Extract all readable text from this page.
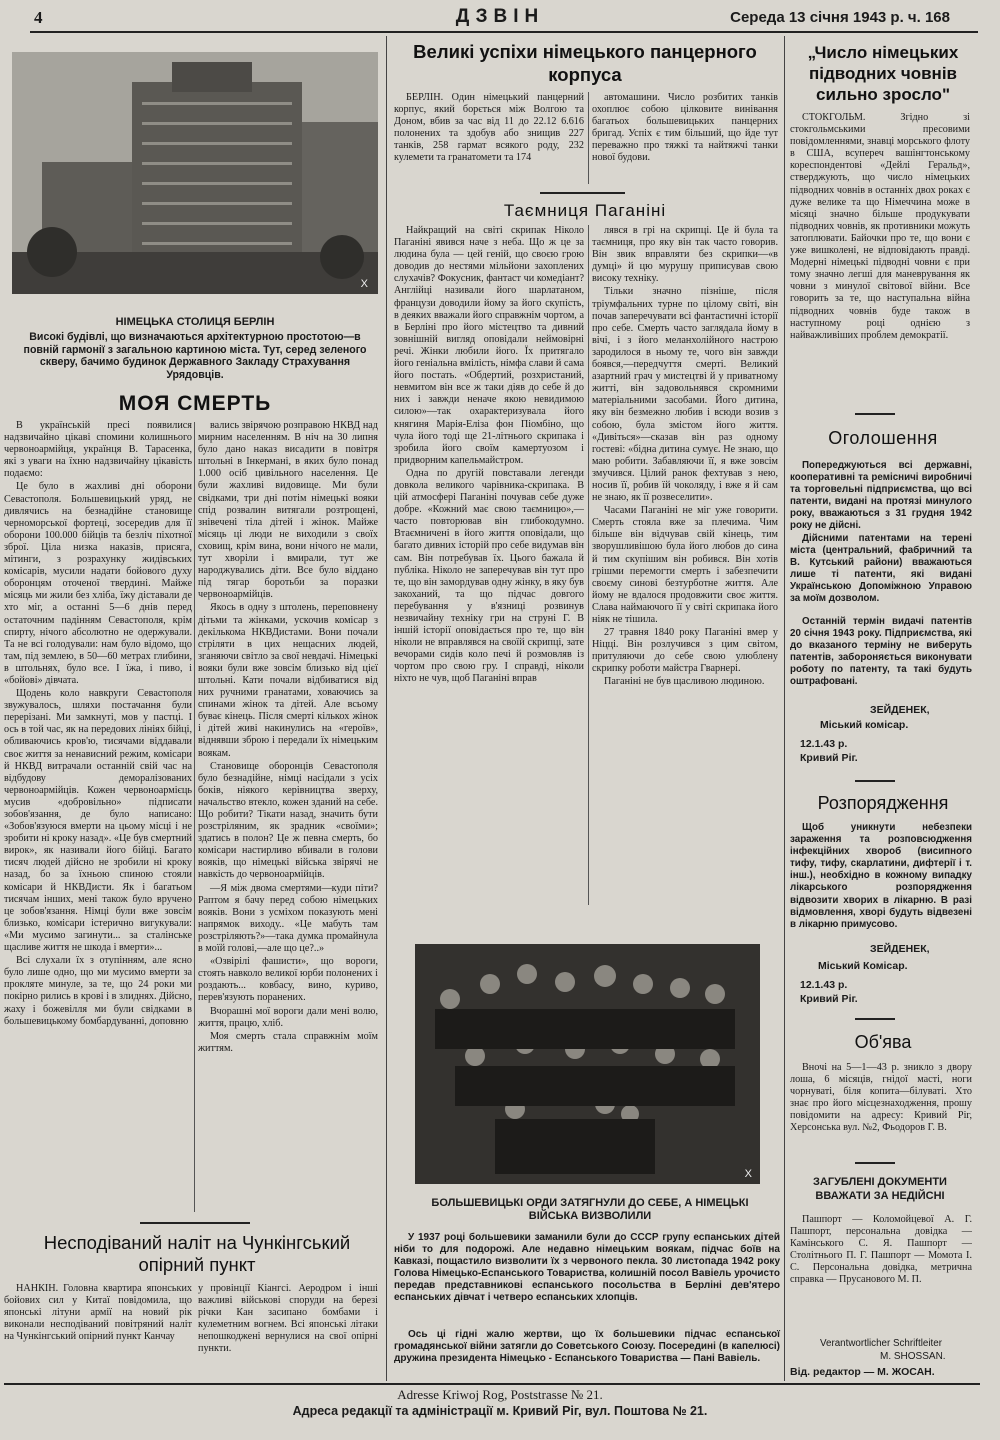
4	ДЗВІН	Середа 13 січня 1943 р. ч. 168
X
НІМЕЦЬКА СТОЛИЦЯ БЕРЛІН
Високі будівлі, що визначаються архітектурною простотою—в повній гармонії з загальною картиною міста. Тут, серед зеленого скверу, бачимо будинок Державного Закладу Страхування Урядовців.
МОЯ СМЕРТЬ

В українській пресі появилися надзвичайно цікаві спомини колишнього червоноармійця, українця В. Тарасенка, які з уваги на їхню надзвичайну цікавість подаємо:

Це було в жахливі дні оборони Севастополя. Большевицький уряд, не дивлячись на безнадійне становище черноморської фортеці, зосередив для її оборони 100.000 бійців та безліч піхотної зброї. Ціла низка наказів, присяга, мітинги, з розрахунку жидівських комісарів, мусили надати бойового духу оборонцям оточеної твердині. Майже місяць ми жили без хліба, їжу діставали де хто міг, а останні 5—6 днів перед остаточним падінням Севастополя, крім спирту, нічого абсолютно не одержували. Та не всі голодували: нам було відомо, що там, під землею, в 50—60 метрах глибини, в штольнях, було все. І їжа, і пиво, і «бойові» дівчата.

Щодень коло навкруги Севастополя звужувалось, шляхи постачання були перерізані. Ми замкнуті, мов у пастці. І ось в той час, як на передових лініях бійці, обливаючись кров'ю, тисячами віддавали своє життя за ненависний режим, комісари й НКВД витрачали останній свій час на відбудову деморалізованих червоноармійців. Кожен червоноармієць мусив «добровільно» підписати зобов'язання, де було написано: «Зобов'язуюся вмерти на цьому місці і не зробити ні кроку назад». «Це був смертний вирок», як називали його бійці. Багато тисяч людей дійсно не зробили ні кроку назад, бо за їхньою спиною стояли комісари й НКВДисти. Як і багатьом тисячам інших, мені також було вручено це зобов'язання. Німці були вже зовсім близько, комісари істерично вигукували: «Ми мусимо загинути... за сталінське щасливе життя не шкода і вмерти»...

Всі слухали їх з отупінням, але ясно було лише одно, що ми мусимо вмерти за прокляте минуле, за те, що 24 роки ми покірно рились в крові і в злиднях. Дійсно, жаху і божевілля ми були свідками в большевицькому бомбардуванні, доповню

вались звірячою розправою НКВД над мирним населенням. В ніч на 30 липня було дано наказ висадити в повітря штольні в Інкермані, в яких було понад 1.000 осіб цивільного населення. Це були жахливі видовище. Ми були свідками, три дні потім німецькі вояки спід розвалин витягали розтрощені, знівечені тіла дітей і жінок. Майже місяць ці люди не виходили з своїх сховищ, крім вина, вони нічого не мали, тут хворіли і вмирали, тут же народжувались діти. Все було віддано під тягар боротьби за поразки червоноармійців.

Якось в одну з штолень, переповнену дітьми та жінками, ускочив комісар з декількома НКВДистами. Вони почали стріляти в цих нещасних людей, зганяючи світло за свої невдачі. Німецькі вояки були вже зовсім близько від цієї штольні. Кати почали відбиватися від них ручними гранатами, ховаючись за спинами жінок та дітей. Але всьому буває кінець. Після смерті кількох жінок і дітей живі накинулись на «героїв», віднявши зброю і передали їх німецьким воякам.

Становище оборонців Севастополя було безнадійне, німці насідали з усіх боків, ніякого керівництва зверху, начальство втекло, кожен зданий на себе. Що робити? Тікати назад, значить бути розстріляним, як зрадник «своїми»; здатись в полон? Це ж певна смерть, бо комісари настирливо вбивали в голови вояків, що німецькі війська звірячі не навкість до червоноармійців.

—Я між двома смертями—куди піти? Раптом я бачу перед собою німецьких вояків. Вони з усміхом показують мені напрямок виходу.. «Це мабуть там розстріляють?»—така думка промайнула в моїй голові,—але що це?..»

«Озвірілі фашисти», що вороги, стоять навколо великої юрби полонених і роздають... ковбасу, вино, куриво, перев'язують поранених.

Вчорашні мої вороги дали мені волю, життя, працю, хліб.

Моя смерть стала справжнім моїм життям.

Несподіваний наліт на Чункінгський опірний пункт
НАНКІН. Головна квартира японських бойових сил у Китаї повідомила, що японські літуни армії на новий рік виконали несподіваний повітряний наліт на Чункінгський опірний пункт Канчау
у провінції Кіангсі. Аеродром і інші важливі військові споруди на березі річки Кан засипано бомбами і кулеметним вогнем. Всі японські літаки непошкоджені вернулися на свої опірні пункти.
Великі успіхи німецького панцерного корпуса
БЕРЛІН. Один німецький панцерний корпус, який борється між Волгою та Доном, вбив за час від 11 до 22.12 6.616 полонених та здобув або знищив 227 танків, 258 гармат всякого роду, 232 кулемети та гранатомети та 174
автомашини. Число розбитих танків охоплює собою цілковите винівання багатьох большевицьких панцерних бригад. Успіх є тим більший, що йде тут переважно про тяжкі та найтяжчі танки нової будови.
Таємниця Паганіні

Найкращий на світі скрипак Ніколо Паганіні явився наче з неба. Що ж це за людина була — цей геній, що своєю грою доводив до нестями мільйони захоплених слухачів? Фокусник, фантаст чи комедіант? Англійці називали його шарлатаном, французи доводили йому за його скупість, в деяких вважали його справжнім чортом, а в Берліні про його містецтво та дивний зовнішній вигляд оповідали неймовірні речі. Жінки любили його. Їх притягало його геніальна вмілість, німфа слави й сама його постать. «Обдертий, розхристаний, невмитом він все ж таки діяв до себе й до них і завжди неначе якою невидимою силою»—так охарактеризувала його княгиня Марія-Еліза фон Піомбіно, що чула його тоді ще 21-літнього скрипака і зробила його своїм камертуозом і придворним капельмайстром.

Одна по другій повставали легенди довкола великого чарівника-скрипака. В цій атмосфері Паганіні почував себе дуже добре. «Кожний має свою таємницю»,—часто повторював він глибокодумно. Втаємничені в його життя оповідали, що багато дивних історій про себе видумав він сам. Він потребував їх. Цього бажала й публіка. Ніколо не заперечував він тут про те, що він замордував одну жінку, в яку був закоханий, та що підчас довгого перебування у в'язниці розвинув незвичайну техніку гри на струні Г. В іншій історії оповідається про те, що він ніколи не вправлявся на своїй скрипці, зате вечорами сидів коло печі й розмовляв із чортом про свою гру. І справді, ніколи ніхто не чув, щоб Паганіні вправ

лявся в грі на скрипці. Це й була та таємниця, про яку він так часто говорив. Він звик вправляти без скрипки—«в думці» й цю мурушу приписував свою високу технікy.

Тільки значно пізніше, після тріумфальних турне по цілому світі, він почав заперечувати всі фантастичні історії про себе. Смерть часто заглядала йому в вічі, і з його меланхолійного настрою зародилося в ньому те, чого він завжди боявся,—передчуття смерті. Великий азартний грач у мистецтві й у приватному житті, він задовольнявся скромними матеріальними засобами. Його дитина, яку він безмежно любив і всюди возив з собою, була змістом його життя. «Дивіться»—сказав він раз одному гостеві: «бідна дитина сумує. Не знаю, що маю робити. Забавляючи її, я вже зовсім змучився. Цілий ранок фехтував з нею, носив її, робив їй чоколяду, і вже я й сам не знаю, як її розвеселити».

Часами Паганіні не міг уже говорити. Смерть стояла вже за плечима. Чим більше він відчував свій кінець, тим зворушливішою була його любов до сина й тим скупішим він робився. Він хотів грішми перемогти смерть і забезпечити своєму синові безтурботне життя. Але йому не вдалося продовжити своє життя. Слава наймаючого її у світі скрипака його ніяк не тішила.

27 травня 1840 року Паганіні вмер у Ніцці. Він розлучився з цим світом, притуляючи до себе свою улюблену скрипку роботи майстра Гварнері.

Паганіні не був щасливою людиною.

X
БОЛЬШЕВИЦЬКІ ОРДИ ЗАТЯГНУЛИ ДО СЕБЕ, А НІМЕЦЬКІ ВІЙСЬКА ВИЗВОЛИЛИ
У 1937 році большевики заманили були до СССР групу еспанських дітей ніби то для подорожі. Але недавно німецьким воякам, підчас боїв на Кавказі, пощастило визволити їх з червоного пекла. 30 листопада 1942 року Голова Німецько-Еспанського Товариства, колишній посол Вавіель урочисто передав представникові еспанського посольства в Берліні дев'ятеро еспанських дівчат і четверо еспанських хлопців.
Ось ці гідні жалю жертви, що їх большевики підчас еспанської громадянської війни затягли до Советського Союзу. Посередині (в капелюсі) дружина президента Німецько - Еспанського Товариства — Пані Вавіель.
„Число німецьких підводних човнів сильно зросло"
СТОКГОЛЬМ. Згідно зі стокгольмськими пресовими повідомленнями, знавці морського флоту в США, всупереч вашінгтонському кореспондентові «Дейлі Геральд», стверджують, що число німецьких підводних човнів в останніх двох роках є дуже велике та що Німеччина може в місяці значно більше продукувати підводних човнів, як противники можуть затоплювати. Байочки про те, що вони є уже вишколені, не відповідають правді. Модерні німецькі підводні човни є при тому значно легші для маневрування як човни з минулої світової війни. Все говорить за те, що наступальна війна підводних човнів буде також в наступному році однією з найважливіших проблем демократії.
Оголошення
Попереджуються всі державні, кооперативні та ремісничі виробничі та торговельні підприємства, що всі патенти, видані на протязі минулого року, вважаються з 31 грудня 1942 року не дійсні.
Дійсними патентами на терені міста (центральний, фабричний та В. Кутський райони) вважаються лише ті патенти, які видані Українською Допоміжною Управою за моїм дозволом.
Останній термін видачі патентів 20 січня 1943 року. Підприємства, які до вказаного терміну не виберуть патентів, забороняється виконувати роботу по патенту, та такі будуть оштрафовані.
ЗЕЙДЕНЕК,
Міський комісар.
12.1.43 р.
Кривий Ріг.
Розпорядження
Щоб уникнути небезпеки зараження та розповсюдження інфекційних хвороб (висипного тифу, тифу, скарлатини, дифтерії і т. інш.), необхідно в кожному випадку лікарського розпорядження відвозити хворих в лікарню. В разі відмовлення, хворі будуть відвезені в лікарню примусово.
ЗЕЙДЕНЕК,
Міський Комісар.
12.1.43 р.
Кривий Ріг.
Об'ява
Вночі на 5—1—43 р. зникло з двору лоша, 6 місяців, гнідої масті, ноги чорнуваті, біля копита—білуваті. Хто знає про його місцезнаходження, прошу повідомити на адресу: Кривий Ріг, Херсонська вул. №2, Фьодоров Г. В.
ЗАГУБЛЕНІ ДОКУМЕНТИ ВВАЖАТИ ЗА НЕДІЙСНІ
Пашпорт — Коломойцевої А. Г. Пашпорт, персональна довідка — Камінського С. Я. Пашпорт — Столітнього П. Г. Пашпорт — Момота І. С. Персональна довідка, метрична справка — Прусанового М. П.
Verantwortlicher Schriftleiter
M. SHOSSAN.
Від. редактор — М. ЖОСАН.
Adresse Kriwoj Rog, Poststrasse № 21.
Адреса редакції та адміністрації м. Кривий Ріг, вул. Поштова № 21.
